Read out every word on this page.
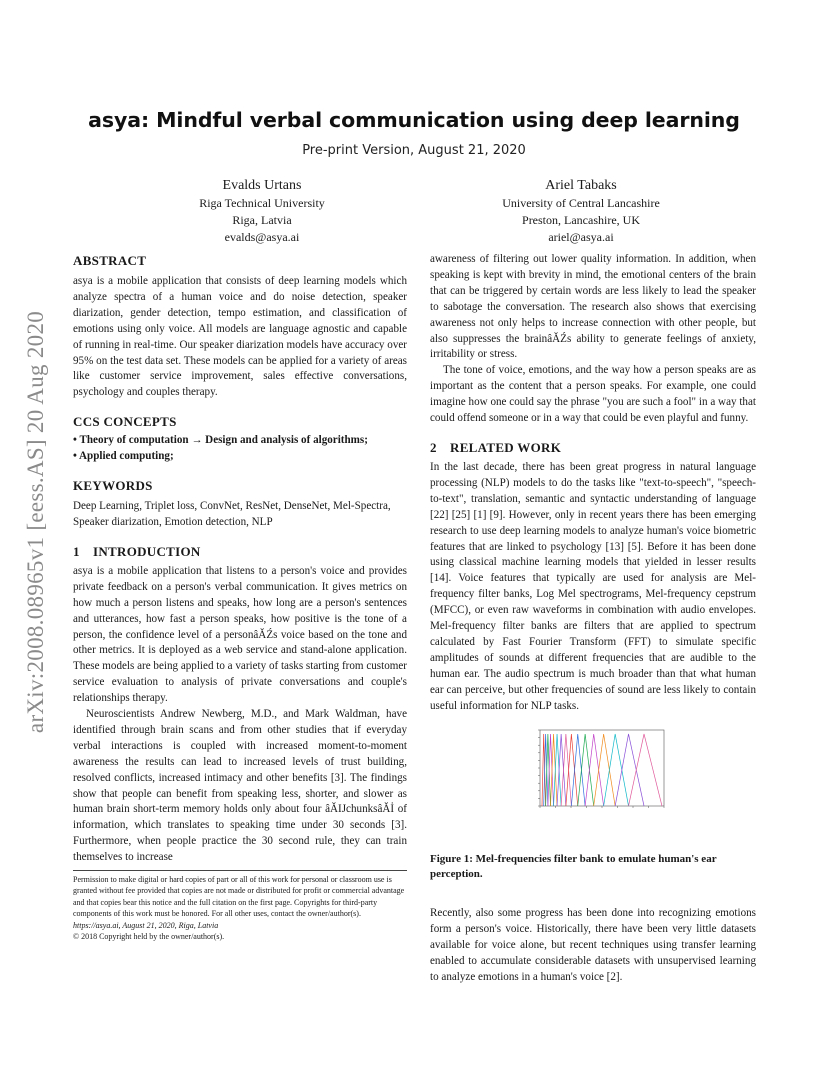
arXiv:2008.08965v1 [eess.AS] 20 Aug 2020
asya: Mindful verbal communication using deep learning
Pre-print Version, August 21, 2020
Evalds Urtans
Riga Technical University
Riga, Latvia
evalds@asya.ai
Ariel Tabaks
University of Central Lancashire
Preston, Lancashire, UK
ariel@asya.ai
ABSTRACT

asya is a mobile application that consists of deep learning models which analyze spectra of a human voice and do noise detection, speaker diarization, gender detection, tempo estimation, and classification of emotions using only voice. All models are language agnostic and capable of running in real-time. Our speaker diarization models have accuracy over 95% on the test data set. These models can be applied for a variety of areas like customer service improvement, sales effective conversations, psychology and couples therapy.

CCS CONCEPTS
• Theory of computation → Design and analysis of algorithms;
• Applied computing;
KEYWORDS

Deep Learning, Triplet loss, ConvNet, ResNet, DenseNet, Mel-Spectra, Speaker diarization, Emotion detection, NLP

1 INTRODUCTION

asya is a mobile application that listens to a person's voice and provides private feedback on a person's verbal communication. It gives metrics on how much a person listens and speaks, how long are a person's sentences and utterances, how fast a person speaks, how positive is the tone of a person, the confidence level of a personâĂŹs voice based on the tone and other metrics. It is deployed as a web service and stand-alone application. These models are being applied to a variety of tasks starting from customer service evaluation to analysis of private conversations and couple's relationships therapy.

Neuroscientists Andrew Newberg, M.D., and Mark Waldman, have identified through brain scans and from other studies that if everyday verbal interactions is coupled with increased moment-to-moment awareness the results can lead to increased levels of trust building, resolved conflicts, increased intimacy and other benefits [3]. The findings show that people can benefit from speaking less, shorter, and slower as human brain short-term memory holds only about four âĂIJchunksâĂİ of information, which translates to speaking time under 30 seconds [3]. Furthermore, when people practice the 30 second rule, they can train themselves to increase

awareness of filtering out lower quality information. In addition, when speaking is kept with brevity in mind, the emotional centers of the brain that can be triggered by certain words are less likely to lead the speaker to sabotage the conversation. The research also shows that exercising awareness not only helps to increase connection with other people, but also suppresses the brainâĂŹs ability to generate feelings of anxiety, irritability or stress.

The tone of voice, emotions, and the way how a person speaks are as important as the content that a person speaks. For example, one could imagine how one could say the phrase "you are such a fool" in a way that could offend someone or in a way that could be even playful and funny.

2 RELATED WORK

In the last decade, there has been great progress in natural language processing (NLP) models to do the tasks like "text-to-speech", "speech-to-text", translation, semantic and syntactic understanding of language [22] [25] [1] [9]. However, only in recent years there has been emerging research to use deep learning models to analyze human's voice biometric features that are linked to psychology [13] [5]. Before it has been done using classical machine learning models that yielded in lesser results [14]. Voice features that typically are used for analysis are Mel-frequency filter banks, Log Mel spectrograms, Mel-frequency cepstrum (MFCC), or even raw waveforms in combination with audio envelopes. Mel-frequency filter banks are filters that are applied to spectrum calculated by Fast Fourier Transform (FFT) to simulate specific amplitudes of sounds at different frequencies that are audible to the human ear. The audio spectrum is much broader than that what human ear can perceive, but other frequencies of sound are less likely to contain useful information for NLP tasks.

Figure 1: Mel-frequencies filter bank to emulate human's ear perception.

Recently, also some progress has been done into recognizing emotions form a person's voice. Historically, there have been very little datasets available for voice alone, but recent techniques using transfer learning enabled to accumulate considerable datasets with unsupervised learning to analyze emotions in a human's voice [2].

Permission to make digital or hard copies of part or all of this work for personal or classroom use is granted without fee provided that copies are not made or distributed for profit or commercial advantage and that copies bear this notice and the full citation on the first page. Copyrights for third-party components of this work must be honored. For all other uses, contact the owner/author(s).
https://asya.ai, August 21, 2020, Riga, Latvia
© 2018 Copyright held by the owner/author(s).
